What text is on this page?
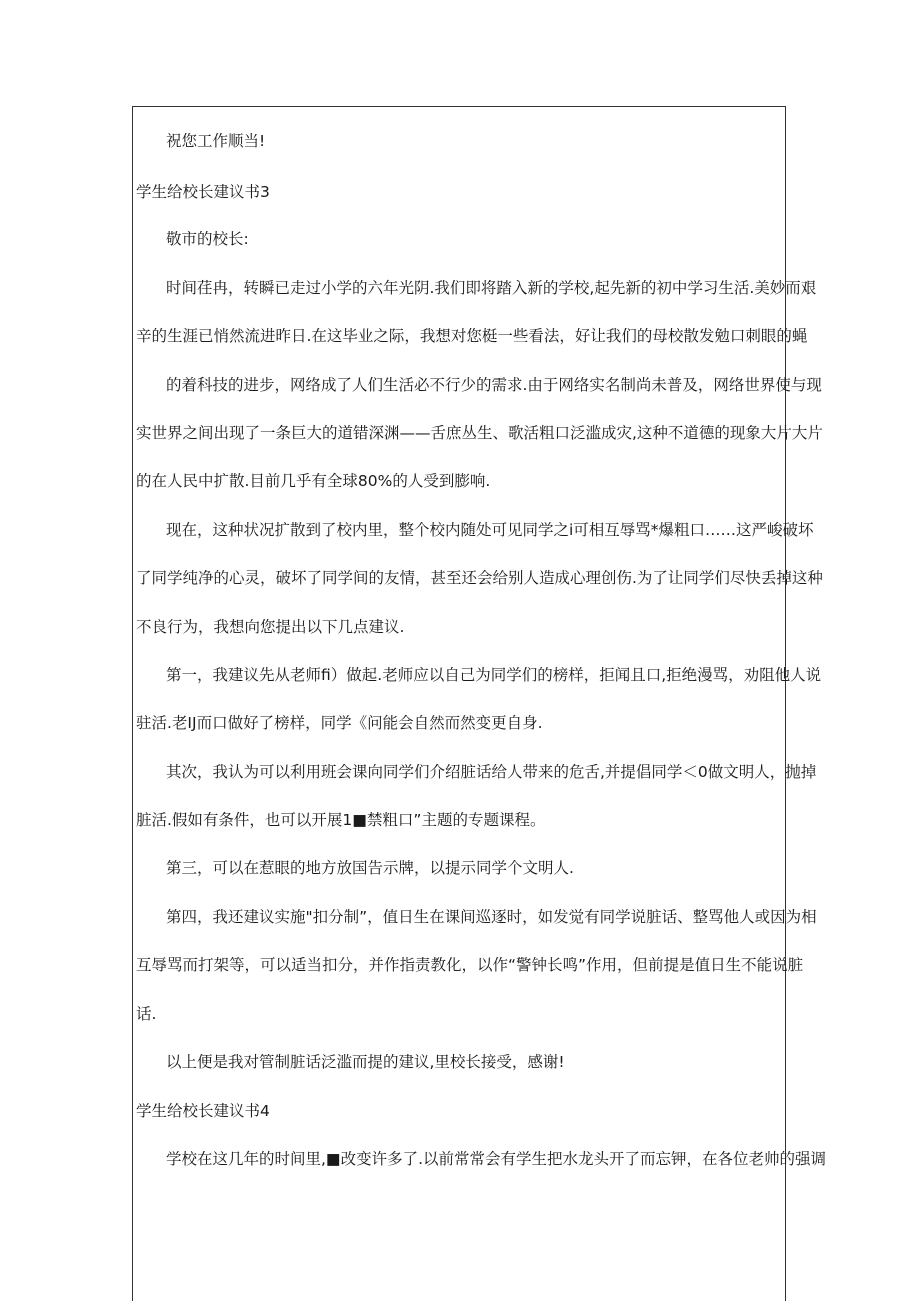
祝您工作顺当!
学生给校长建议书3
敬市的校长:
时间荏冉，转瞬已走过小学的六年光阴.我们即将踏入新的学校,起先新的初中学习生活.美妙而艰
辛的生涯已悄然流进昨日.在这毕业之际，我想对您梃一些看法，好让我们的母校散发勉口刺眼的蝇
的着科技的进步，网络成了人们生活必不行少的需求.由于网络实名制尚未普及，网络世界使与现
实世界之间出现了一条巨大的道错深渊——舌庶丛生、歌活粗口泛滥成灾,这种不道德的现象大片大片
的在人民中扩散.目前几乎有全球80%的人受到膨响.
现在，这种状况扩散到了校内里，整个校内随处可见同学之i可相互辱骂*爆粗口……这严峻破坏
了同学纯净的心灵，破坏了同学间的友情，甚至还会给别人造成心理创伤.为了让同学们尽快丢掉这种
不良行为，我想向您提出以下几点建议.
第一，我建议先从老师fi）做起.老师应以自己为同学们的榜样，拒闻且口,拒绝漫骂，劝阻他人说
驻活.老IJ而口做好了榜样，同学《问能会自然而然变更自身.
其次，我认为可以利用班会课向同学们介绍脏话给人带来的危舌,并提倡同学＜0做文明人，抛掉
脏活.假如有条件，也可以开展1■禁粗口”主题的专题课程。
第三，可以在惹眼的地方放国告示牌，以提示同学个文明人.
第四，我还建议实施"扣分制”，值日生在课间巡逐时，如发觉有同学说脏话、整骂他人或因为相
互辱骂而打架等，可以适当扣分，并作指责教化，以作“警钟长鸣”作用，但前提是值日生不能说脏
话.
以上便是我对管制脏话泛滥而提的建议,里校长接受，感谢!
学生给校长建议书4
学校在这几年的时间里,■改变许多了.以前常常会有学生把水龙头开了而忘钾，在各位老帅的强调
